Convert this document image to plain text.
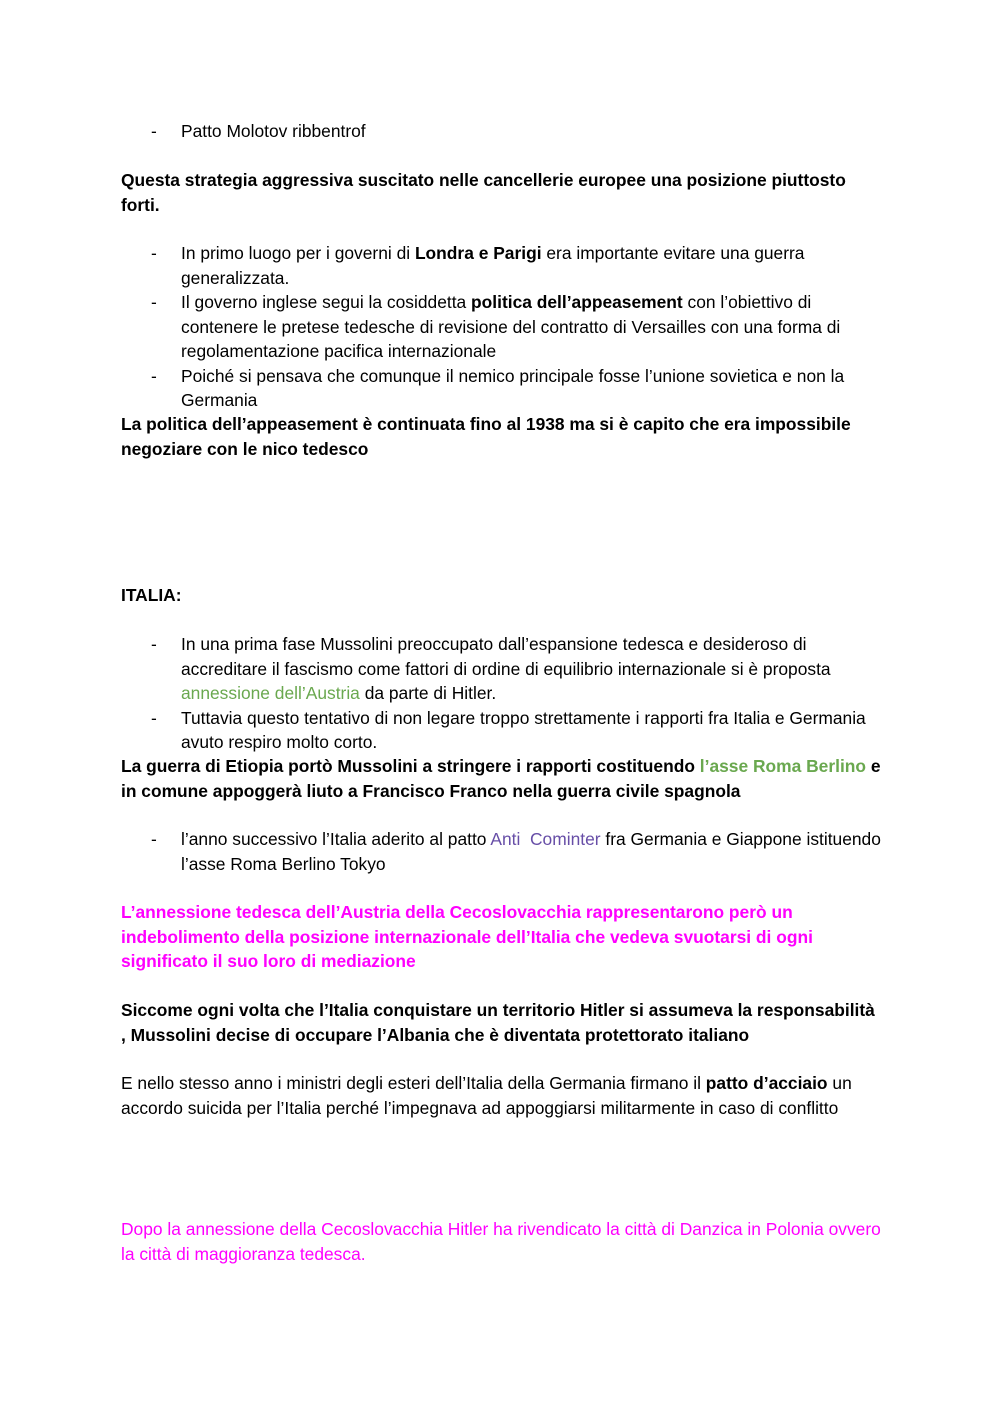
- Patto Molotov ribbentrof

Questa strategia aggressiva suscitato nelle cancellerie europee una posizione piuttosto forti.

- In primo luogo per i governi di Londra e Parigi era importante evitare una guerra generalizzata.
- Il governo inglese segui la cosiddetta politica dell’appeasement con l’obiettivo di contenere le pretese tedesche di revisione del contratto di Versailles con una forma di regolamentazione pacifica internazionale
- Poiché si pensava che comunque il nemico principale fosse l’unione sovietica e non la Germania

La politica dell’appeasement è continuata fino al 1938 ma si è capito che era impossibile negoziare con le nico tedesco

ITALIA:

- In una prima fase Mussolini preoccupato dall’espansione tedesca e desideroso di accreditare il fascismo come fattori di ordine di equilibrio internazionale si è proposta annessione dell’Austria da parte di Hitler.
- Tuttavia questo tentativo di non legare troppo strettamente i rapporti fra Italia e Germania avuto respiro molto corto.

La guerra di Etiopia portò Mussolini a stringere i rapporti costituendo l’asse Roma Berlino e in comune appoggerà liuto a Francisco Franco nella guerra civile spagnola

- l’anno successivo l’Italia aderito al patto Anti  Cominter fra Germania e Giappone istituendo l’asse Roma Berlino Tokyo

L’annessione tedesca dell’Austria della Cecoslovacchia rappresentarono però un indebolimento della posizione internazionale dell’Italia che vedeva svuotarsi di ogni significato il suo loro di mediazione

Siccome ogni volta che l’Italia conquistare un territorio Hitler si assumeva la responsabilità , Mussolini decise di occupare l’Albania che è diventata protettorato italiano

E nello stesso anno i ministri degli esteri dell’Italia della Germania firmano il patto d’acciaio un accordo suicida per l’Italia perché l’impegnava ad appoggiarsi militarmente in caso di conflitto

Dopo la annessione della Cecoslovacchia Hitler ha rivendicato la città di Danzica in Polonia ovvero la città di maggioranza tedesca.
